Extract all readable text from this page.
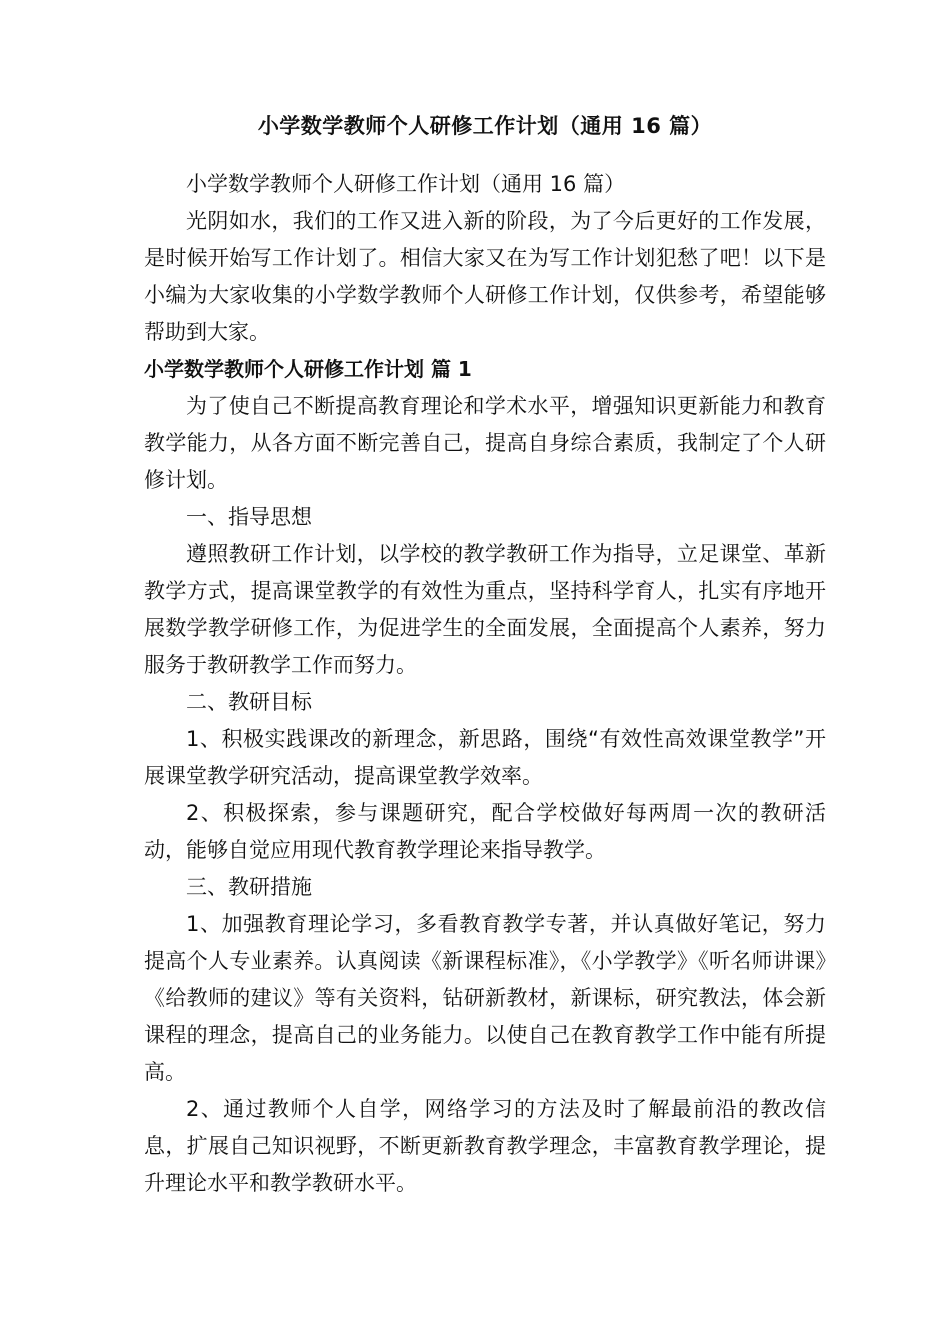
小学数学教师个人研修工作计划（通用 16 篇）

小学数学教师个人研修工作计划（通用 16 篇）

光阴如水，我们的工作又进入新的阶段，为了今后更好的工作发展，是时候开始写工作计划了。相信大家又在为写工作计划犯愁了吧！以下是小编为大家收集的小学数学教师个人研修工作计划，仅供参考，希望能够帮助到大家。

小学数学教师个人研修工作计划 篇 1

为了使自己不断提高教育理论和学术水平，增强知识更新能力和教育教学能力，从各方面不断完善自己，提高自身综合素质，我制定了个人研修计划。

一、指导思想

遵照教研工作计划，以学校的教学教研工作为指导，立足课堂、革新教学方式，提高课堂教学的有效性为重点，坚持科学育人，扎实有序地开展数学教学研修工作，为促进学生的全面发展，全面提高个人素养，努力服务于教研教学工作而努力。

二、教研目标

1、积极实践课改的新理念，新思路，围绕“有效性高效课堂教学”开展课堂教学研究活动，提高课堂教学效率。

2、积极探索，参与课题研究，配合学校做好每两周一次的教研活动，能够自觉应用现代教育教学理论来指导教学。

三、教研措施

1、加强教育理论学习，多看教育教学专著，并认真做好笔记，努力提高个人专业素养。认真阅读《新课程标准》，《小学教学》《听名师讲课》《给教师的建议》等有关资料，钻研新教材，新课标，研究教法，体会新课程的理念，提高自己的业务能力。以使自己在教育教学工作中能有所提高。

2、通过教师个人自学，网络学习的方法及时了解最前沿的教改信息，扩展自己知识视野，不断更新教育教学理念，丰富教育教学理论，提升理论水平和教学教研水平。
